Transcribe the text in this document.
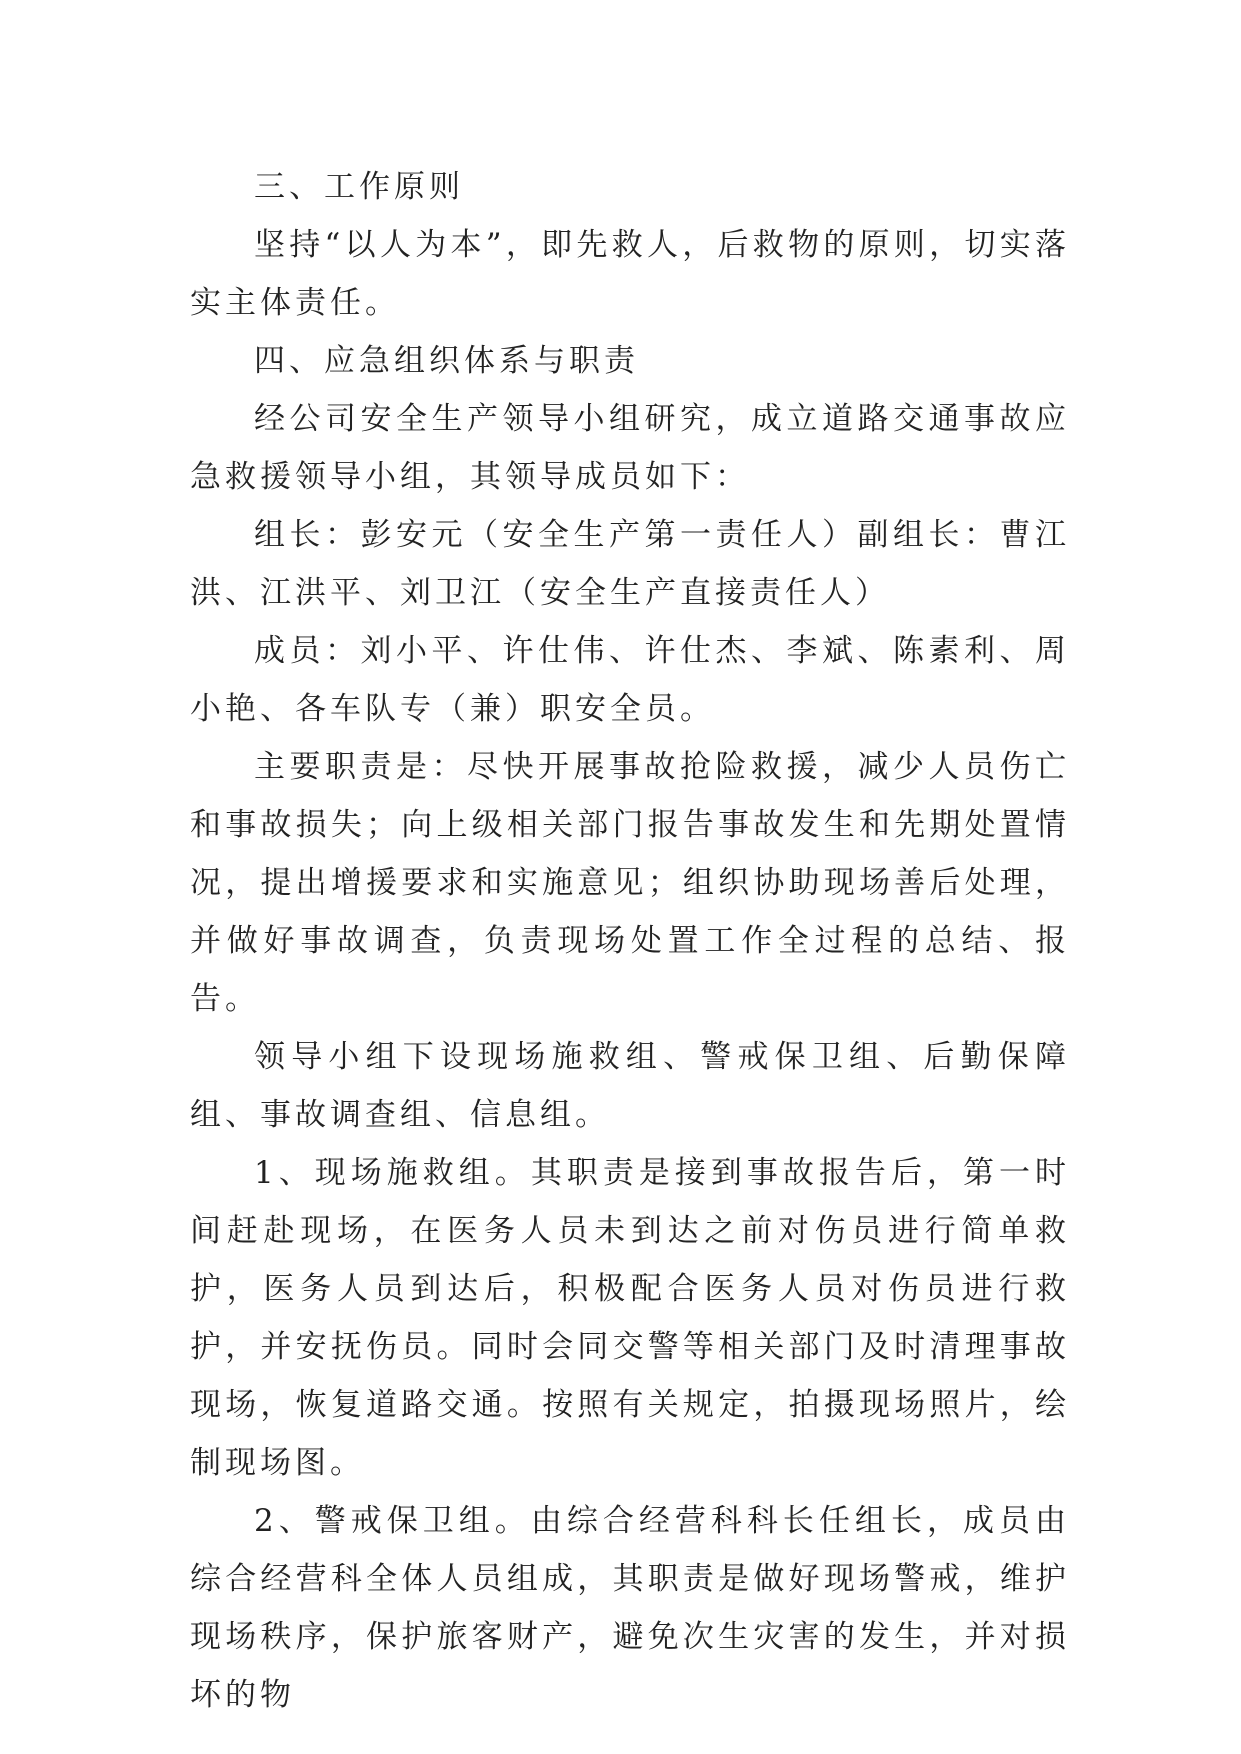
三、工作原则

坚持“以人为本”，即先救人，后救物的原则，切实落实主体责任。

四、应急组织体系与职责

经公司安全生产领导小组研究，成立道路交通事故应急救援领导小组，其领导成员如下：

组长：彭安元（安全生产第一责任人）副组长：曹江洪、江洪平、刘卫江（安全生产直接责任人）

成员：刘小平、许仕伟、许仕杰、李斌、陈素利、周小艳、各车队专（兼）职安全员。

主要职责是：尽快开展事故抢险救援，减少人员伤亡和事故损失；向上级相关部门报告事故发生和先期处置情况，提出增援要求和实施意见；组织协助现场善后处理，并做好事故调查，负责现场处置工作全过程的总结、报告。

领导小组下设现场施救组、警戒保卫组、后勤保障组、事故调查组、信息组。

1、现场施救组。其职责是接到事故报告后，第一时间赶赴现场，在医务人员未到达之前对伤员进行简单救护，医务人员到达后，积极配合医务人员对伤员进行救护，并安抚伤员。同时会同交警等相关部门及时清理事故现场，恢复道路交通。按照有关规定，拍摄现场照片，绘制现场图。

2、警戒保卫组。由综合经营科科长任组长，成员由综合经营科全体人员组成，其职责是做好现场警戒，维护现场秩序，保护旅客财产，避免次生灾害的发生，并对损坏的物
